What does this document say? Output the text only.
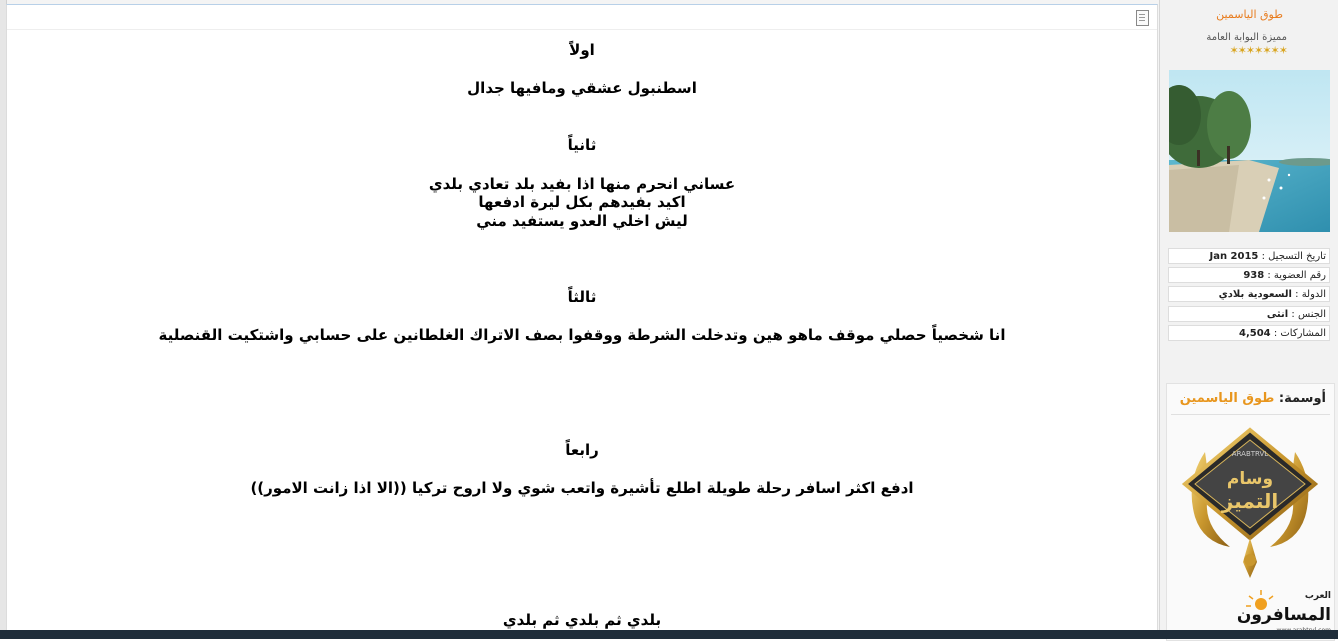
اولاً
اسطنبول عشقي ومافيها جدال
ثانياً
عساني انحرم منها اذا بفيد بلد تعادي بلدي
اكيد بفيدهم بكل ليرة ادفعها
ليش اخلي العدو يستفيد مني
ثالثاً
انا شخصياً حصلي موقف ماهو هين وتدخلت الشرطة ووقفوا بصف الاتراك الغلطانين على حسابي واشتكيت القنصلية
رابعاً
ادفع اكثر اسافر رحلة طويلة اطلع تأشيرة واتعب شوي ولا اروح تركيا ((الا اذا زانت الامور))
بلدي ثم بلدي ثم بلدي
طوق الياسمين
مميزة البوابة العامة
✶✶✶✶✶✶✶
تاريخ التسجيل : Jan 2015
رقم العضوية : 938
الدولة : السعودية بلادي
الجنس : انثى
المشاركات : 4,504
أوسمة: طوق الياسمين
ARABTRVL
وسام
التميز
العرب
المسافرون
